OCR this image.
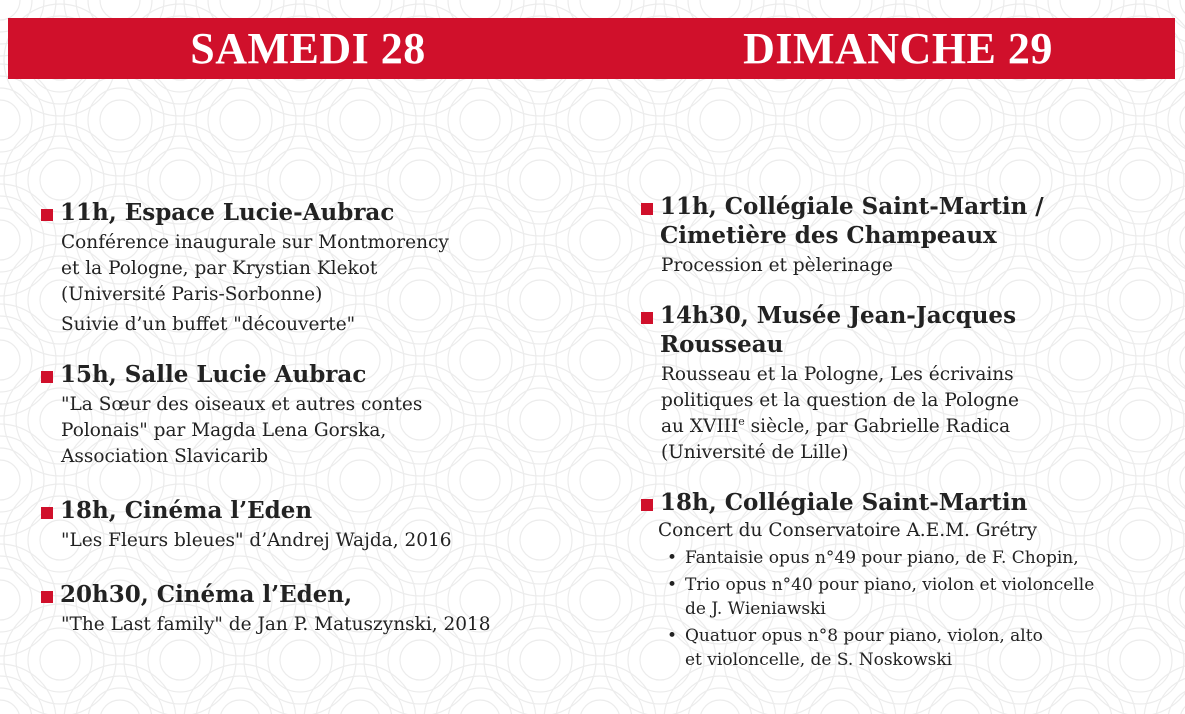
SAMEDI 28	DIMANCHE 29
11h, Espace Lucie-Aubrac

Conférence inaugurale sur Montmorency
et la Pologne, par Krystian Klekot
(Université Paris-Sorbonne)

Suivie d’un buffet "découverte"

15h, Salle Lucie Aubrac

"La Sœur des oiseaux et autres contes
Polonais" par Magda Lena Gorska,
Association Slavicarib

18h, Cinéma l’Eden

"Les Fleurs bleues" d’Andrej Wajda, 2016

20h30, Cinéma l’Eden,

"The Last family" de Jan P. Matuszynski, 2018

11h, Collégiale Saint-Martin /
Cimetière des Champeaux

Procession et pèlerinage

14h30, Musée Jean-Jacques
Rousseau

Rousseau et la Pologne, Les écrivains
politiques et la question de la Pologne
au XVIIIe siècle, par Gabrielle Radica
(Université de Lille)

18h, Collégiale Saint-Martin

Concert du Conservatoire A.E.M. Grétry

• Fantaisie opus n°49 pour piano, de F. Chopin,
• Trio opus n°40 pour piano, violon et violoncelle
de J. Wieniawski
• Quatuor opus n°8 pour piano, violon, alto
et violoncelle, de S. Noskowski
